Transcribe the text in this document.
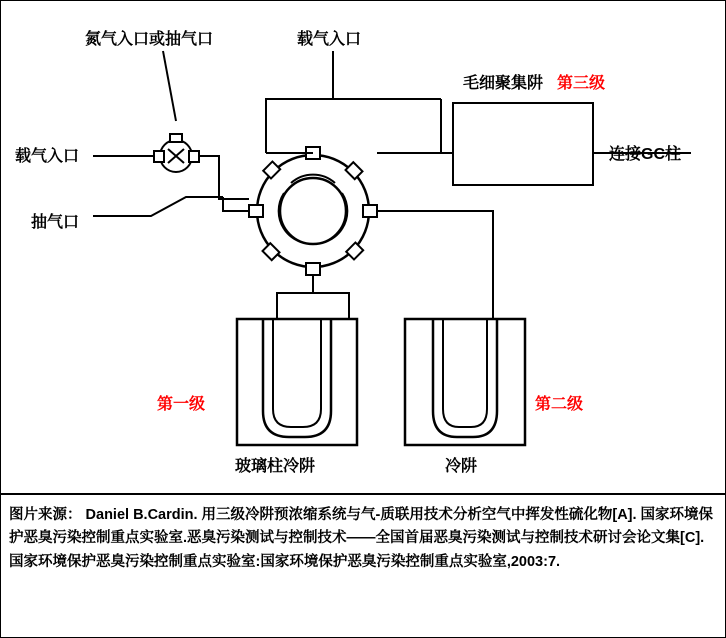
氮气入口或抽气口	载气入口
毛细聚集阱 第三级
载气入口	连接GC柱
抽气口
第一级	第二级
玻璃柱冷阱	冷阱

图片来源： Daniel B.Cardin. 用三级冷阱预浓缩系统与气-质联用技术分析空气中挥发性硫化物[A]. 国家环境保护恶臭污染控制重点实验室.恶臭污染测试与控制技术——全国首届恶臭污染测试与控制技术研讨会论文集[C].国家环境保护恶臭污染控制重点实验室:国家环境保护恶臭污染控制重点实验室,2003:7.
